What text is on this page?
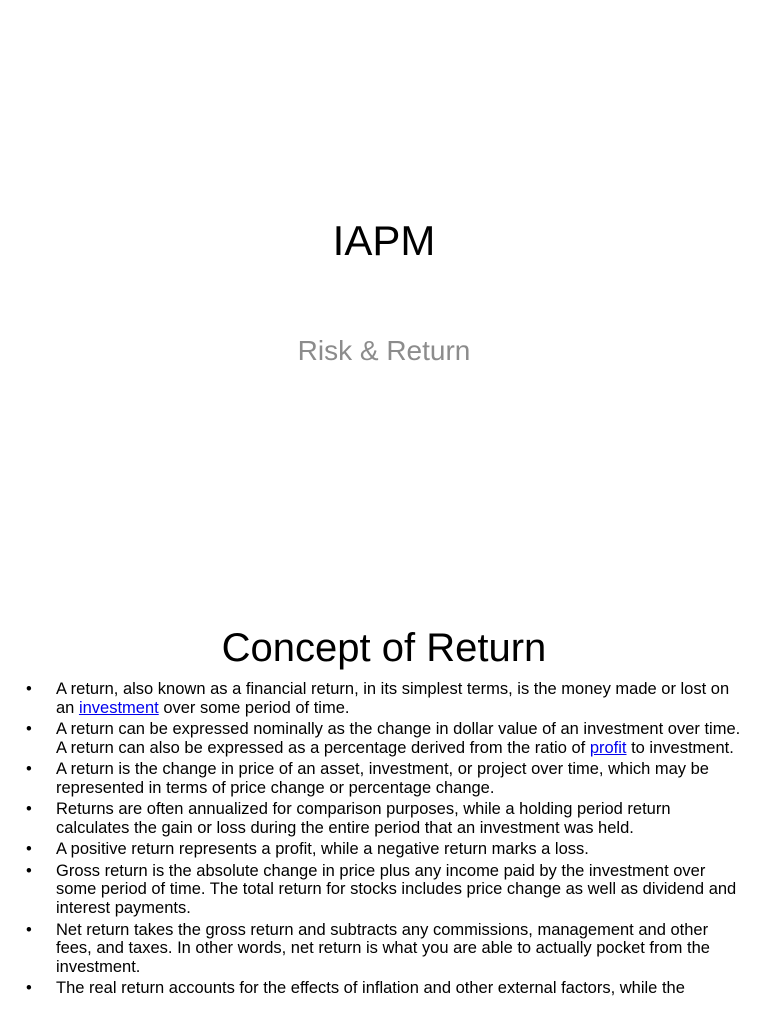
IAPM

Risk & Return

Concept of Return
• A return, also known as a financial return, in its simplest terms, is the money made or lost on an investment over some period of time.
• A return can be expressed nominally as the change in dollar value of an investment over time. A return can also be expressed as a percentage derived from the ratio of profit to investment.
• A return is the change in price of an asset, investment, or project over time, which may be represented in terms of price change or percentage change.
• Returns are often annualized for comparison purposes, while a holding period return calculates the gain or loss during the entire period that an investment was held.
• A positive return represents a profit, while a negative return marks a loss.
• Gross return is the absolute change in price plus any income paid by the investment over some period of time. The total return for stocks includes price change as well as dividend and interest payments.
• Net return takes the gross return and subtracts any commissions, management and other fees, and taxes. In other words, net return is what you are able to actually pocket from the investment.
• The real return accounts for the effects of inflation and other external factors, while the
